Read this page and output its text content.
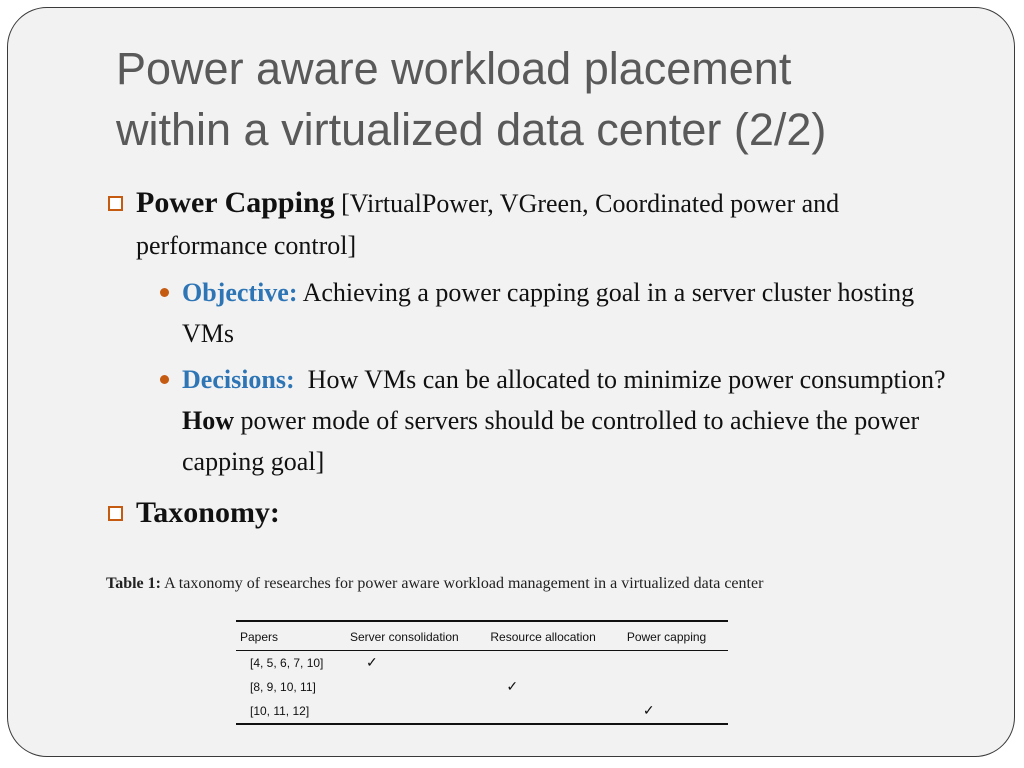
Power aware workload placement
within a virtualized data center (2/2)

Power Capping [VirtualPower, VGreen, Coordinated power and performance control]

Objective: Achieving a power capping goal in a server cluster hosting VMs

Decisions:  How VMs can be allocated to minimize power consumption? How power mode of servers should be controlled to achieve the power capping goal]

Taxonomy:

Table 1: A taxonomy of researches for power aware workload management in a virtualized data center
Papers	Server consolidation	Resource allocation	Power capping
[4, 5, 6, 7, 10]	✓		
[8, 9, 10, 11]		✓	
[10, 11, 12]			✓
